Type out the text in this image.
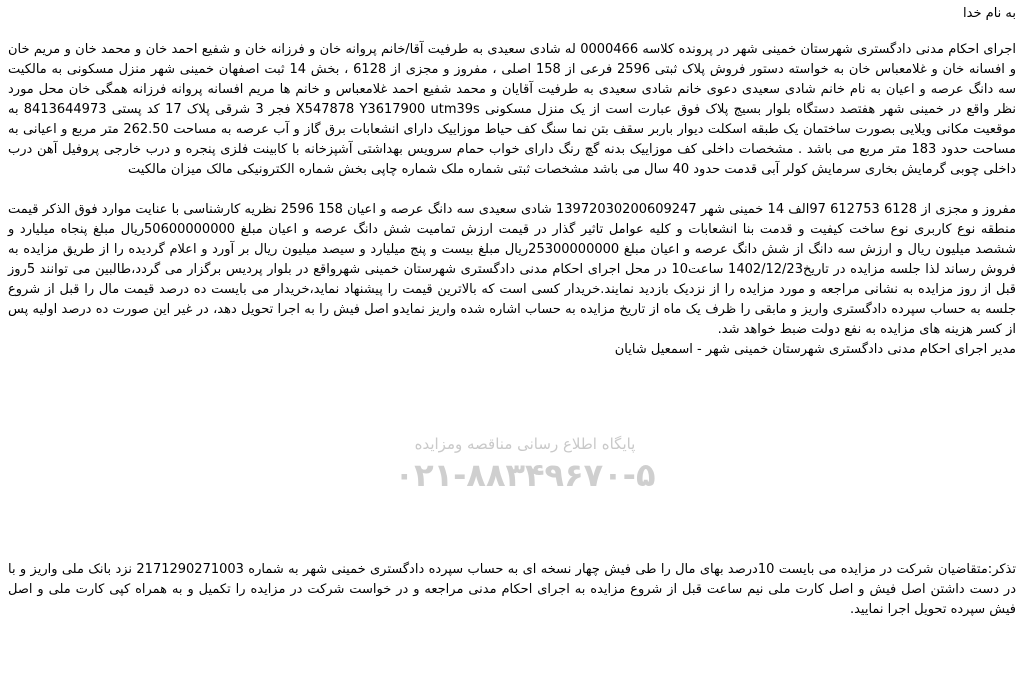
به نام خدا

اجرای احکام مدنی دادگستری شهرستان خمینی شهر در پرونده کلاسه 0000466 له شادی سعیدی به طرفیت آقا/خانم پروانه خان و فرزانه خان و شفیع احمد خان و محمد خان و مریم خان و افسانه خان و غلامعباس خان به خواسته دستور فروش پلاک ثبتی 2596 فرعی از 158 اصلی ، مفروز و مجزی از 6128 ، بخش 14 ثبت اصفهان خمینی شهر منزل مسکونی به مالکیت سه دانگ عرصه و اعیان به نام خانم شادی سعیدی دعوی خانم شادی سعیدی به طرفیت آقایان و محمد شفیع احمد غلامعباس و خانم ها مریم افسانه پروانه فرزانه همگی خان محل مورد نظر واقع در خمینی شهر هفتصد دستگاه بلوار بسیج پلاک فوق عبارت است از یک منزل مسکونی X547878 Y3617900 utm39s فجر 3 شرقی پلاک 17 کد پستی 8413644973 به موقعیت مکانی ویلایی بصورت ساختمان یک طبقه اسکلت دیوار باربر سقف بتن نما سنگ کف حیاط موزاییک دارای انشعابات برق گاز و آب عرصه به مساحت 262.50 متر مربع و اعیانی به مساحت حدود 183 متر مربع می باشد . مشخصات داخلی کف موزاییک بدنه گچ رنگ دارای خواب حمام سرویس بهداشتی آشپزخانه با کابینت فلزی پنجره و درب خارجی پروفیل آهن درب داخلی چوبی گرمایش بخاری سرمایش کولر آبی قدمت حدود 40 سال می باشد مشخصات ثبتی شماره ملک شماره چاپی بخش شماره الکترونیکی مالک میزان مالکیت

مفروز و مجزی از 6128 612753 97الف 14 خمینی شهر 13972030200609247 شادی سعیدی سه دانگ عرصه و اعیان 158 2596 نظریه کارشناسی با عنایت موارد فوق الذکر قیمت منطقه نوع کاربری نوع ساخت کیفیت و قدمت بنا انشعابات و کلیه عوامل تاثیر گذار در قیمت ارزش تمامیت شش دانگ عرصه و اعیان مبلغ 50600000000ریال مبلغ پنجاه میلیارد و ششصد میلیون ریال و ارزش سه دانگ از شش دانگ عرصه و اعیان مبلغ 25300000000ریال مبلغ بیست و پنج میلیارد و سیصد میلیون ریال بر آورد و اعلام گردیده را از طریق مزایده به فروش رساند لذا جلسه مزایده در تاریخ1402/12/23 ساعت10 در محل اجرای احکام مدنی دادگستری شهرستان خمینی شهرواقع در بلوار پردیس برگزار می گردد،طالبین می توانند 5روز قبل از روز مزایده به نشانی مراجعه و مورد مزایده را از نزدیک بازدید نمایند.خریدار کسی است که بالاترین قیمت را پیشنهاد نماید،خریدار می بایست ده درصد قیمت مال را قبل از شروع جلسه به حساب سپرده دادگستری واریز و مابقی را ظرف یک ماه از تاریخ مزایده به حساب اشاره شده واریز نمایدو اصل فیش را به اجرا تحویل دهد، در غیر این صورت ده درصد اولیه پس از کسر هزینه های مزایده به نفع دولت ضبط خواهد شد.

مدیر اجرای احکام مدنی دادگستری شهرستان خمینی شهر - اسمعیل شایان

پایگاه اطلاع رسانی مناقصه ومزایده
۰۲۱-۸۸۳۴۹۶۷۰-۵
تذکر:متقاضیان شرکت در مزایده می بایست 10درصد بهای مال را طی فیش چهار نسخه ای به حساب سپرده دادگستری خمینی شهر به شماره 2171290271003 نزد بانک ملی واریز و با در دست داشتن اصل فیش و اصل کارت ملی نیم ساعت قبل از شروع مزایده به اجرای احکام مدنی مراجعه و در خواست شرکت در مزایده را تکمیل و به همراه کپی کارت ملی و اصل فیش سپرده تحویل اجرا نمایید.
